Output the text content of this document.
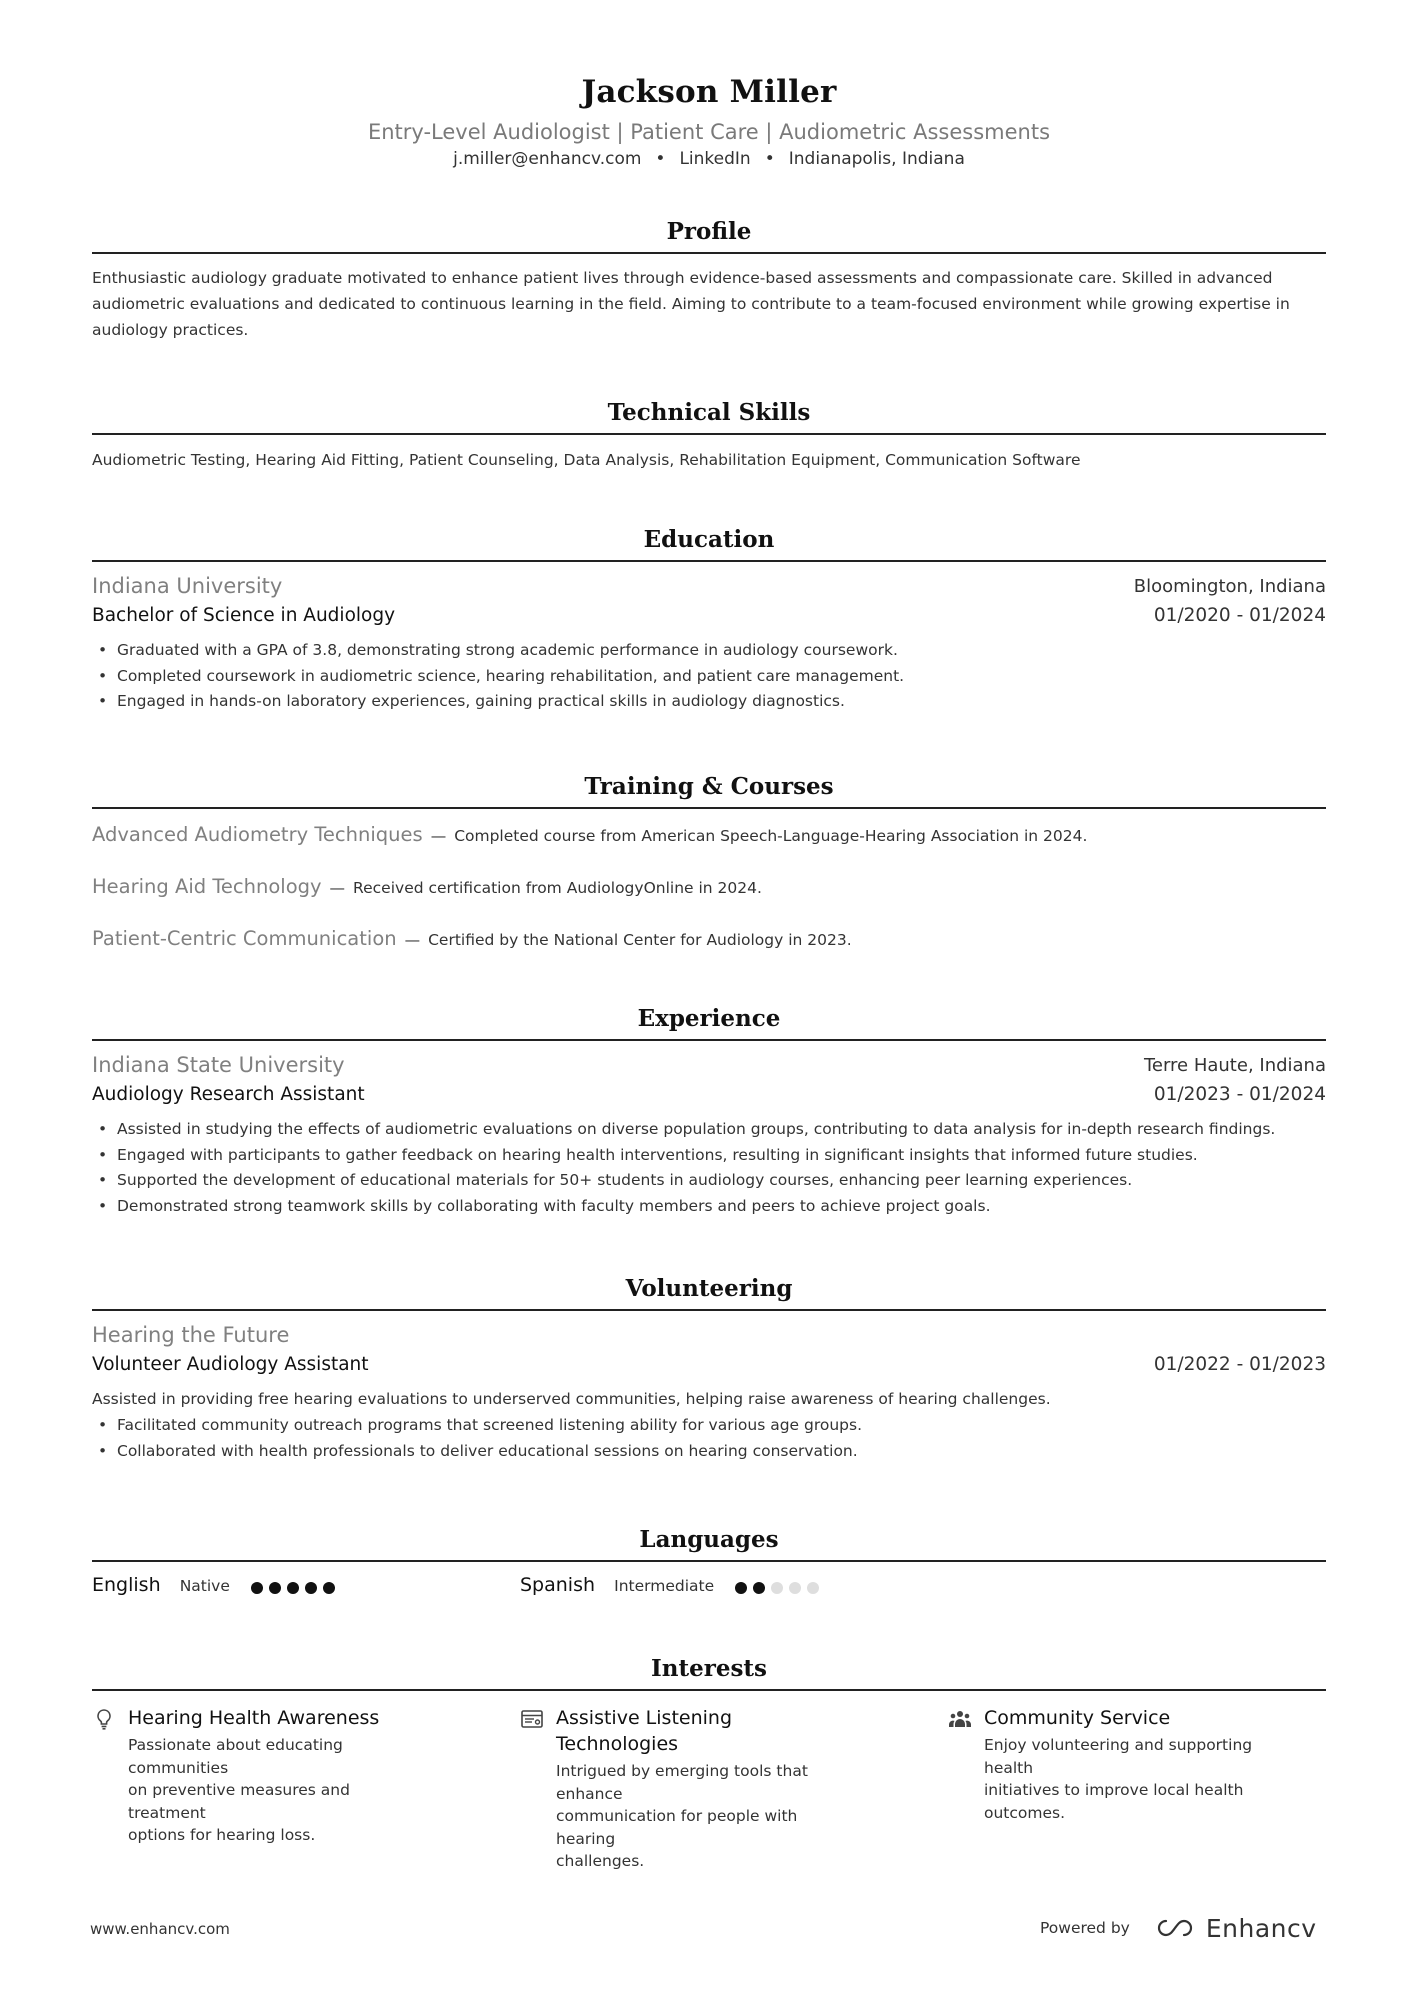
Jackson Miller
Entry-Level Audiologist | Patient Care | Audiometric Assessments
j.miller@enhancv.com • LinkedIn • Indianapolis, Indiana
Profile
Enthusiastic audiology graduate motivated to enhance patient lives through evidence-based assessments and compassionate care. Skilled in advanced
audiometric evaluations and dedicated to continuous learning in the field. Aiming to contribute to a team-focused environment while growing expertise in
audiology practices.
Technical Skills
Audiometric Testing, Hearing Aid Fitting, Patient Counseling, Data Analysis, Rehabilitation Equipment, Communication Software
Education
Indiana University	Bloomington, Indiana
Bachelor of Science in Audiology	01/2020 - 01/2024
• Graduated with a GPA of 3.8, demonstrating strong academic performance in audiology coursework.
• Completed coursework in audiometric science, hearing rehabilitation, and patient care management.
• Engaged in hands-on laboratory experiences, gaining practical skills in audiology diagnostics.
Training & Courses
Advanced Audiometry Techniques — Completed course from American Speech-Language-Hearing Association in 2024.
Hearing Aid Technology — Received certification from AudiologyOnline in 2024.
Patient-Centric Communication — Certified by the National Center for Audiology in 2023.
Experience
Indiana State University	Terre Haute, Indiana
Audiology Research Assistant	01/2023 - 01/2024
• Assisted in studying the effects of audiometric evaluations on diverse population groups, contributing to data analysis for in-depth research findings.
• Engaged with participants to gather feedback on hearing health interventions, resulting in significant insights that informed future studies.
• Supported the development of educational materials for 50+ students in audiology courses, enhancing peer learning experiences.
• Demonstrated strong teamwork skills by collaborating with faculty members and peers to achieve project goals.
Volunteering
Hearing the Future
Volunteer Audiology Assistant	01/2022 - 01/2023
Assisted in providing free hearing evaluations to underserved communities, helping raise awareness of hearing challenges.
• Facilitated community outreach programs that screened listening ability for various age groups.
• Collaborated with health professionals to deliver educational sessions on hearing conservation.
Languages
English Native	Spanish Intermediate
Interests
Hearing Health Awareness
Passionate about educating communities
on preventive measures and treatment
options for hearing loss.
Assistive Listening Technologies
Intrigued by emerging tools that enhance
communication for people with hearing
challenges.
Community Service
Enjoy volunteering and supporting health
initiatives to improve local health
outcomes.
www.enhancv.com	Powered by	Enhancv
